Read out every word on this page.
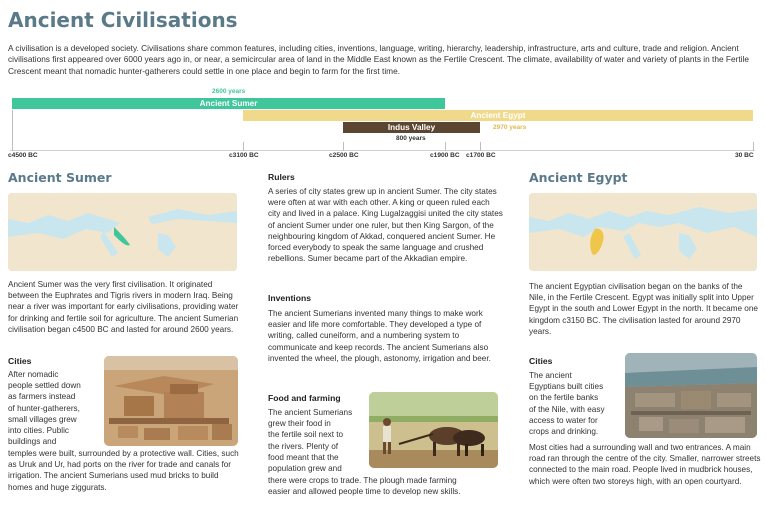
Ancient Civilisations
A civilisation is a developed society. Civilisations share common features, including cities, inventions, language, writing, hierarchy, leadership, infrastructure, arts and culture, trade and religion. Ancient civilisations first appeared over 6000 years ago in, or near, a semicircular area of land in the Middle East known as the Fertile Crescent. The climate, availability of water and variety of plants in the Fertile Crescent meant that nomadic hunter-gatherers could settle in one place and begin to farm for the first time.
2600 years
Ancient Sumer
Ancient Egypt
2970 years
Indus Valley
800 years
c4500 BC	c3100 BC	c2500 BC	c1900 BC c1700 BC	30 BC
Ancient Sumer

Ancient Sumer was the very first civilisation. It originated between the Euphrates and Tigris rivers in modern Iraq. Being near a river was important for early civilisations, providing water for drinking and fertile soil for agriculture. The ancient Sumerian civilisation began c4500 BC and lasted for around 2600 years.

Cities

After nomadic

people settled down

as farmers instead

of hunter-gatherers,

small villages grew

into cities. Public

buildings and

temples were built, surrounded by a protective wall. Cities, such as Uruk and Ur, had ports on the river for trade and canals for irrigation. The ancient Sumerians used mud bricks to build homes and huge ziggurats.

Rulers

A series of city states grew up in ancient Sumer. The city states were often at war with each other. A king or queen ruled each city and lived in a palace. King Lugalzaggisi united the city states of ancient Sumer under one ruler, but then King Sargon, of the neighbouring kingdom of Akkad, conquered ancient Sumer. He forced everybody to speak the same language and crushed rebellions. Sumer became part of the Akkadian empire.

Inventions

The ancient Sumerians invented many things to make work easier and life more comfortable. They developed a type of writing, called cuneiform, and a numbering system to communicate and keep records. The ancient Sumerians also invented the wheel, the plough, astonomy, irrigation and beer.

Food and farming

The ancient Sumerians

grew their food in

the fertile soil next to

the rivers. Plenty of

food meant that the

population grew and

there were crops to trade. The plough made farming

easier and allowed people time to develop new skills.

Ancient Egypt

The ancient Egyptian civilisation began on the banks of the Nile, in the Fertile Crescent. Egypt was initially split into Upper Egypt in the south and Lower Egypt in the north. It became one kingdom c3150 BC. The civilisation lasted for around 2970 years.

Cities

The ancient

Egyptians built cities

on the fertile banks

of the Nile, with easy

access to water for

crops and drinking.

Most cities had a surrounding wall and two entrances. A main road ran through the centre of the city. Smaller, narrower streets connected to the main road. People lived in mudbrick houses, which were often two storeys high, with an open courtyard.
